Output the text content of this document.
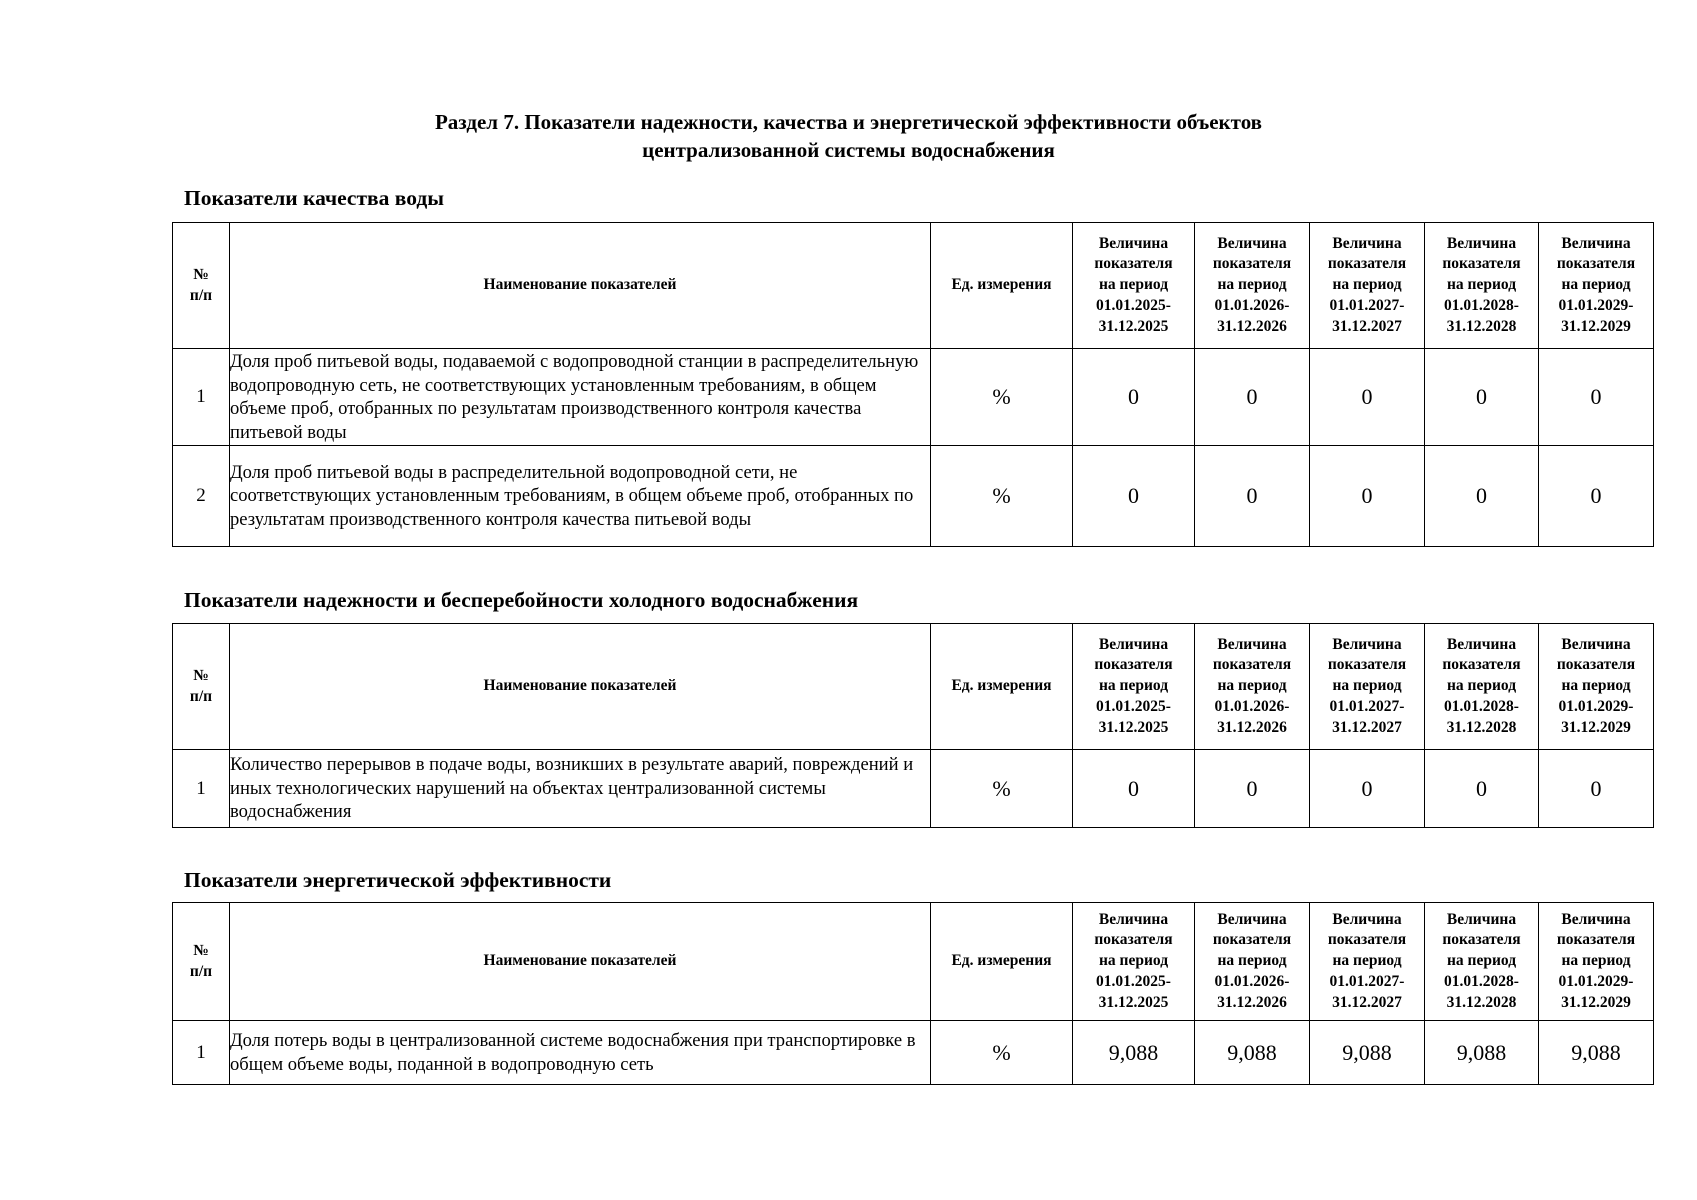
Раздел 7. Показатели надежности, качества и энергетической эффективности объектов
централизованной системы водоснабжения
Показатели качества воды
№
п/п	Наименование показателей	Ед. измерения	Величина
показателя
на период
01.01.2025-
31.12.2025	Величина
показателя
на период
01.01.2026-
31.12.2026	Величина
показателя
на период
01.01.2027-
31.12.2027	Величина
показателя
на период
01.01.2028-
31.12.2028	Величина
показателя
на период
01.01.2029-
31.12.2029

1	Доля проб питьевой воды, подаваемой с водопроводной станции в распределительную водопроводную сеть, не соответствующих установленным требованиям, в общем объеме проб, отобранных по результатам производственного контроля качества питьевой воды	%	0	0	0	0	0
2	Доля проб питьевой воды в распределительной водопроводной сети, не соответствующих установленным требованиям, в общем объеме проб, отобранных по результатам производственного контроля качества питьевой воды	%	0	0	0	0	0
Показатели надежности и бесперебойности холодного водоснабжения
№
п/п	Наименование показателей	Ед. измерения	Величина
показателя
на период
01.01.2025-
31.12.2025	Величина
показателя
на период
01.01.2026-
31.12.2026	Величина
показателя
на период
01.01.2027-
31.12.2027	Величина
показателя
на период
01.01.2028-
31.12.2028	Величина
показателя
на период
01.01.2029-
31.12.2029

1	Количество перерывов в подаче воды, возникших в результате аварий, повреждений и иных технологических нарушений на объектах централизованной системы водоснабжения	%	0	0	0	0	0
Показатели энергетической эффективности
№
п/п	Наименование показателей	Ед. измерения	Величина
показателя
на период
01.01.2025-
31.12.2025	Величина
показателя
на период
01.01.2026-
31.12.2026	Величина
показателя
на период
01.01.2027-
31.12.2027	Величина
показателя
на период
01.01.2028-
31.12.2028	Величина
показателя
на период
01.01.2029-
31.12.2029

1	Доля потерь воды в централизованной системе водоснабжения при транспортировке в общем объеме воды, поданной в водопроводную сеть	%	9,088	9,088	9,088	9,088	9,088
